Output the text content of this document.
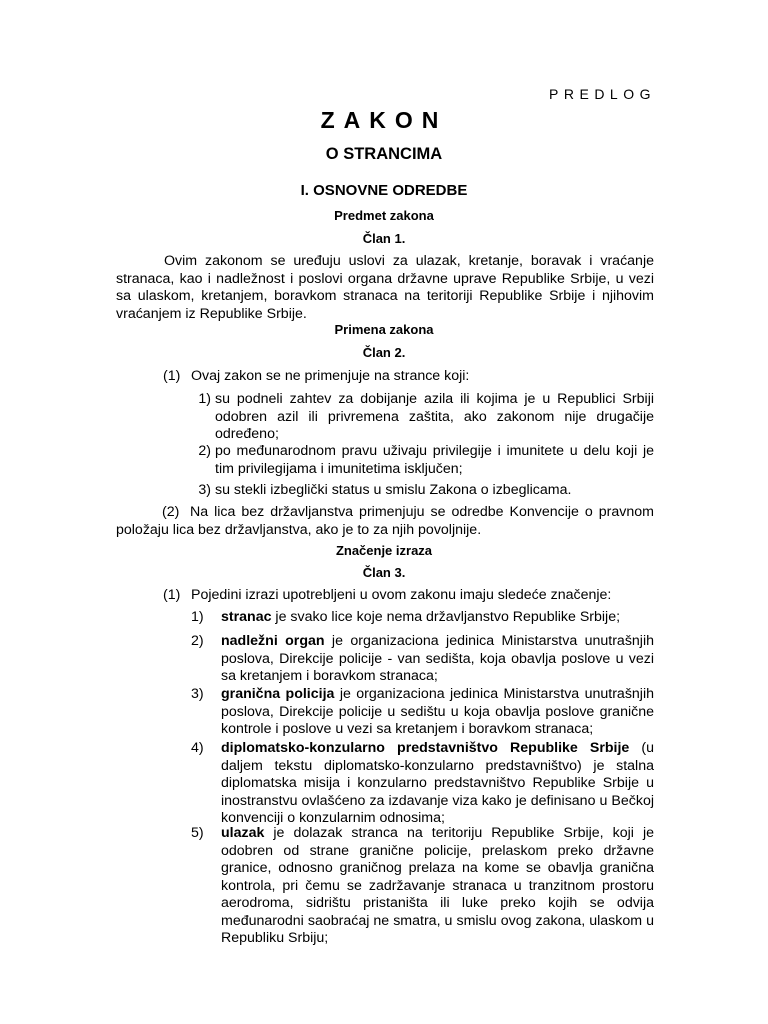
PREDLOG
ZAKON
O STRANCIMA
I. OSNOVNE ODREDBE
Predmet zakona
Član 1.
Ovim zakonom se uređuju uslovi za ulazak, kretanje, boravak i vraćanje stranaca, kao i nadležnost i poslovi organa državne uprave Republike Srbije, u vezi sa ulaskom, kretanjem, boravkom stranaca na teritoriji Republike Srbije i njihovim vraćanjem iz Republike Srbije.
Primena zakona
Član 2.
(1) Ovaj zakon se ne primenjuje na strance koji:
1) su podneli zahtev za dobijanje azila ili kojima je u Republici Srbiji odobren azil ili privremena zaštita, ako zakonom nije drugačije određeno;
2) po međunarodnom pravu uživaju privilegije i imunitete u delu koji je tim privilegijama i imunitetima isključen;
3) su stekli izbeglički status u smislu Zakona o izbeglicama.
(2) Na lica bez državljanstva primenjuju se odredbe Konvencije o pravnom položaju lica bez državljanstva, ako je to za njih povoljnije.
Značenje izraza
Član 3.
(1) Pojedini izrazi upotrebljeni u ovom zakonu imaju sledeće značenje:
1)	stranac je svako lice koje nema državljanstvo Republike Srbije;
2)	nadležni organ je organizaciona jedinica Ministarstva unutrašnjih poslova, Direkcije policije - van sedišta, koja obavlja poslove u vezi sa kretanjem i boravkom stranaca;
3)	granična policija je organizaciona jedinica Ministarstva unutrašnjih poslova, Direkcije policije u sedištu u koja obavlja poslove granične kontrole i poslove u vezi sa kretanjem i boravkom stranaca;
4)	diplomatsko-konzularno predstavništvo Republike Srbije (u daljem tekstu diplomatsko-konzularno predstavništvo) je stalna diplomatska misija i konzularno predstavništvo Republike Srbije u inostranstvu ovlašćeno za izdavanje viza kako je definisano u Bečkoj konvenciji o konzularnim odnosima;
5)	ulazak je dolazak stranca na teritoriju Republike Srbije, koji je odobren od strane granične policije, prelaskom preko državne granice, odnosno graničnog prelaza na kome se obavlja granična kontrola, pri čemu se zadržavanje stranaca u tranzitnom prostoru aerodroma, sidrištu pristaništa ili luke preko kojih se odvija međunarodni saobraćaj ne smatra, u smislu ovog zakona, ulaskom u Republiku Srbiju;
